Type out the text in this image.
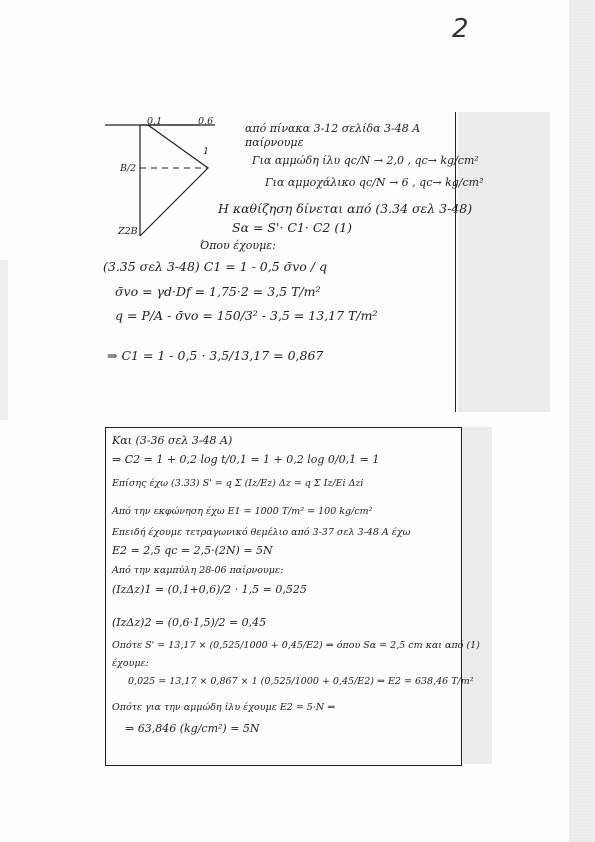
2
0,1	0,6
1
B/2
Z2B
από πίνακα 3-12 σελίδα 3-48 Α
παίρνουμε
Για αμμώδη ίλυ qc/N → 2,0 , qc→ kg/cm²
Για αμμοχάλικο qc/N → 6 , qc→ kg/cm²
Η καθίζηση δίνεται από (3.34 σελ 3-48)
Sα = S'· C1· C2 (1)
Όπου έχουμε:
(3.35 σελ 3-48) C1 = 1 - 0,5 σ̄vo / q
σ̄vo = γd·Df = 1,75·2 = 3,5 T/m²
q = P/A - σ̄vo = 150/3² - 3,5 = 13,17 T/m²
⇒ C1 = 1 - 0,5 · 3,5/13,17 = 0,867
Και (3-36 σελ 3-48 Α)
⇒ C2 = 1 + 0,2 log t/0,1 = 1 + 0,2 log 0/0,1 = 1
Επίσης έχω (3.33) S' = q Σ (Iz/Ez) Δz = q Σ Iz/Ei Δzi
Από την εκφώνηση έχω E1 = 1000 T/m² = 100 kg/cm²
Επειδή έχουμε τετραγωνικό θεμέλιο από 3-37 σελ 3-48 Α έχω
E2 = 2,5 qc = 2,5·(2N) = 5N
Από την καμπύλη 28-06 παίρνουμε:
(IzΔz)1 = (0,1+0,6)/2 · 1,5 = 0,525
(IzΔz)2 = (0,6·1,5)/2 = 0,45
Οπότε S' = 13,17 × (0,525/1000 + 0,45/E2) ⇒ όπου Sα = 2,5 cm και από (1)
έχουμε:
0,025 = 13,17 × 0,867 × 1 (0,525/1000 + 0,45/E2) ⇒ E2 = 638,46 T/m²
Οπότε για την αμμώδη ίλυ έχουμε E2 = 5·N ⇒
⇒ 63,846 (kg/cm²) = 5N
